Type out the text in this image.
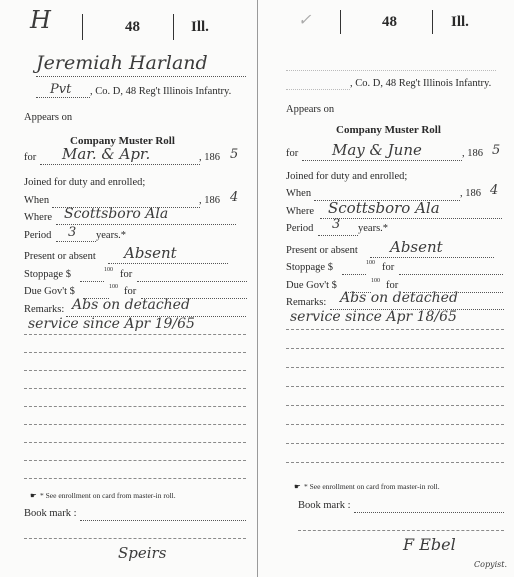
H	48	Ill.
Jeremiah Harland
Pvt , Co. D, 48 Reg't Illinois Infantry.
Appears on
Company Muster Roll
for Mar. & Apr.	, 186 5
Joined for duty and enrolled;
When	, 186 4
Where Scottsboro Ala
Period 3 years.*
Present or absent Absent
Stoppage $	100 for
Due Gov't $	100 for
Remarks: Abs on detached
service since Apr 19/65
☛ * See enrollment on card from master-in roll.
Book mark :
Speirs
✓	48	Ill.
, Co. D, 48 Reg't Illinois Infantry.
Appears on
Company Muster Roll
for May & June	, 186 5
Joined for duty and enrolled;
When	, 186 4
Where Scottsboro Ala
Period 3 years.*
Present or absent Absent
Stoppage $	100 for
Due Gov't $	100 for
Remarks: Abs on detached
service since Apr 18/65
☛ * See enrollment on card from master-in roll.
Book mark :
F Ebel
Copyist.
